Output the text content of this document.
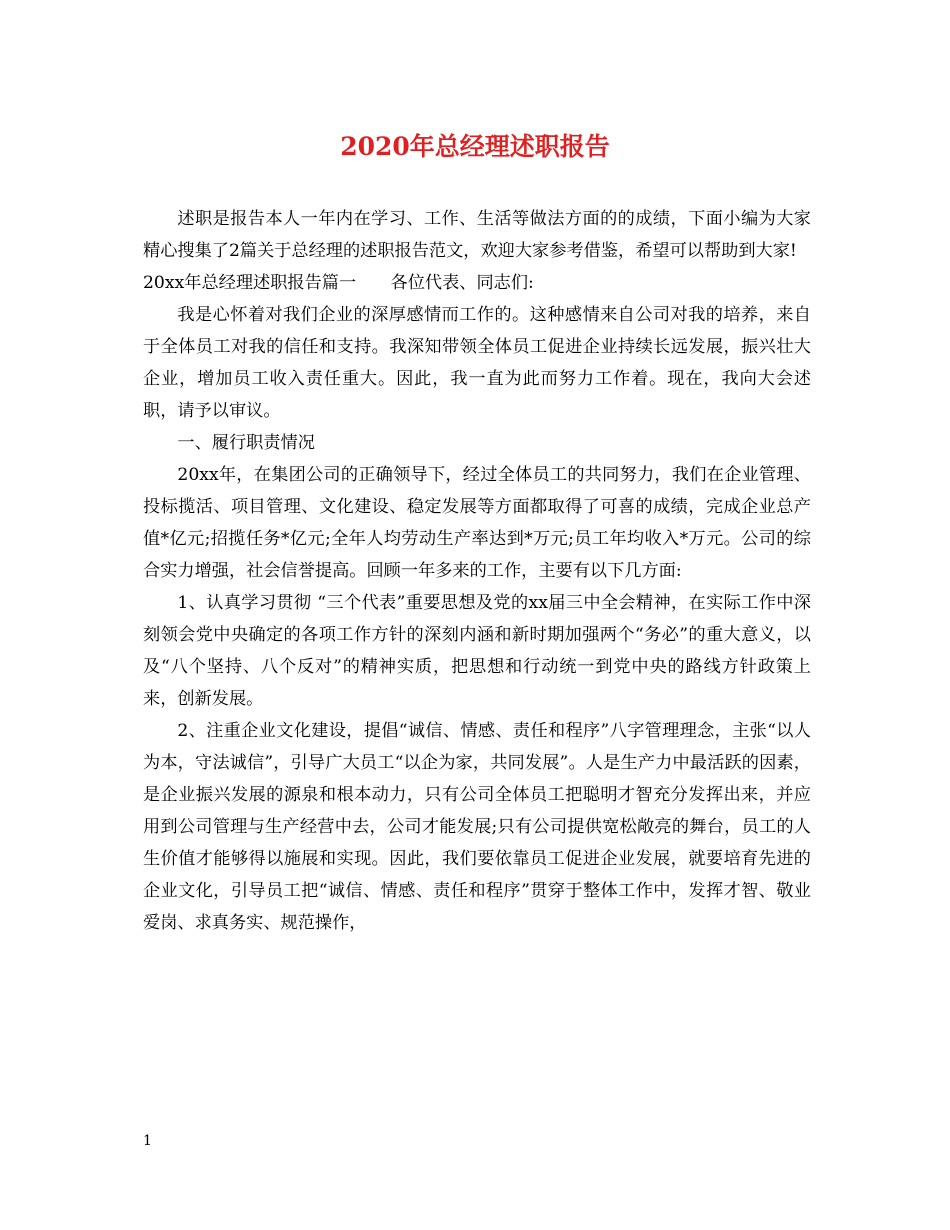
2020年总经理述职报告

述职是报告本人一年内在学习、工作、生活等做法方面的的成绩，下面小编为大家精心搜集了2篇关于总经理的述职报告范文，欢迎大家参考借鉴，希望可以帮助到大家!

20xx年总经理述职报告篇一　　各位代表、同志们:

我是心怀着对我们企业的深厚感情而工作的。这种感情来自公司对我的培养，来自于全体员工对我的信任和支持。我深知带领全体员工促进企业持续长远发展，振兴壮大企业，增加员工收入责任重大。因此，我一直为此而努力工作着。现在，我向大会述职，请予以审议。

一、履行职责情况

20xx年，在集团公司的正确领导下，经过全体员工的共同努力，我们在企业管理、投标揽活、项目管理、文化建设、稳定发展等方面都取得了可喜的成绩，完成企业总产值*亿元;招揽任务*亿元;全年人均劳动生产率达到*万元;员工年均收入*万元。公司的综合实力增强，社会信誉提高。回顾一年多来的工作，主要有以下几方面:

1、认真学习贯彻 “三个代表”重要思想及党的xx届三中全会精神，在实际工作中深刻领会党中央确定的各项工作方针的深刻内涵和新时期加强两个“务必”的重大意义，以及“八个坚持、八个反对”的精神实质，把思想和行动统一到党中央的路线方针政策上来，创新发展。

2、注重企业文化建设，提倡“诚信、情感、责任和程序”八字管理理念，主张“以人为本，守法诚信”，引导广大员工“以企为家，共同发展”。人是生产力中最活跃的因素，是企业振兴发展的源泉和根本动力，只有公司全体员工把聪明才智充分发挥出来，并应用到公司管理与生产经营中去，公司才能发展;只有公司提供宽松敞亮的舞台，员工的人生价值才能够得以施展和实现。因此，我们要依靠员工促进企业发展，就要培育先进的企业文化，引导员工把“诚信、情感、责任和程序”贯穿于整体工作中，发挥才智、敬业爱岗、求真务实、规范操作，

1
